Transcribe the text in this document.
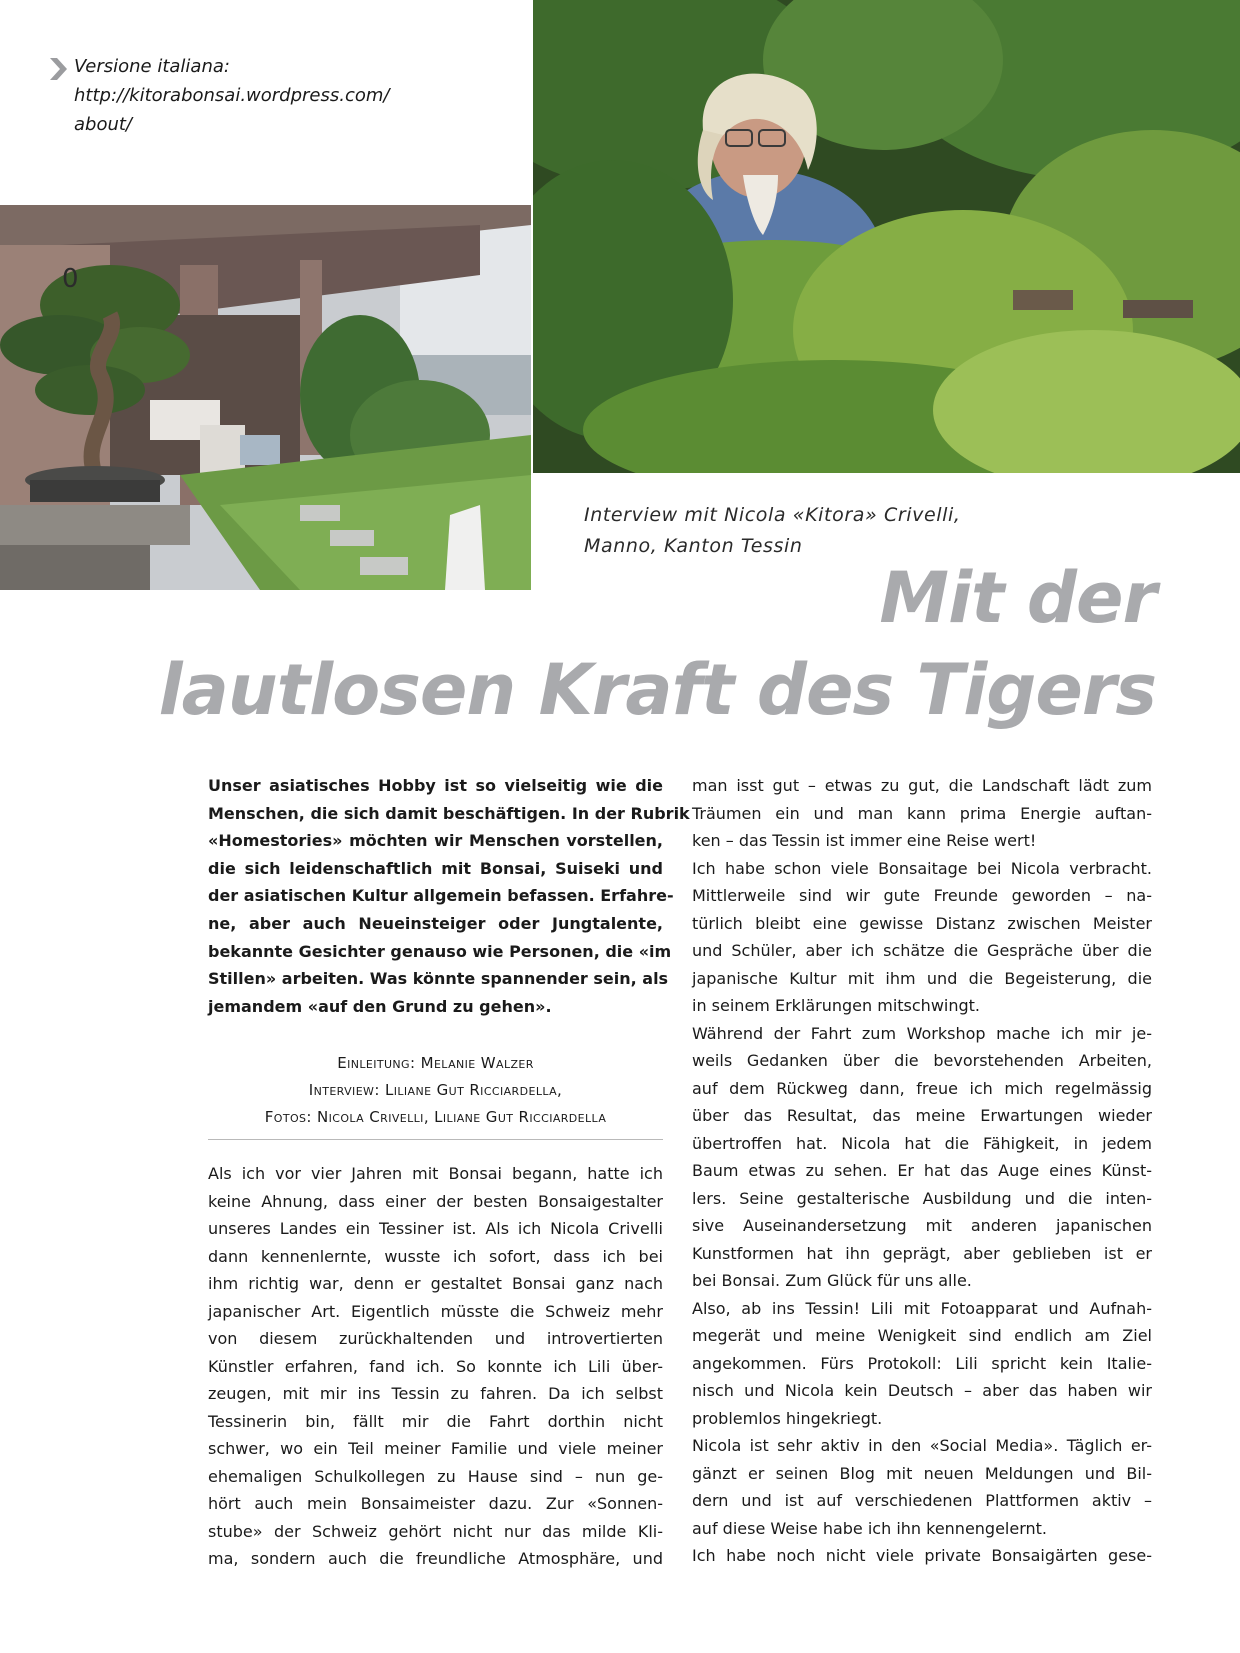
Versione italiana:
http://kitorabonsai.wordpress.com/
about/
0
Interview mit Nicola «Kitora» Crivelli,
Manno, Kanton Tessin
Mit der
lautlosen Kraft des Tigers
Unser asiatisches Hobby ist so vielseitig wie die
Menschen, die sich damit beschäftigen. In der Rubrik
«Homestories» möchten wir Menschen vorstellen,
die sich leidenschaftlich mit Bonsai, Suiseki und
der asiatischen Kultur allgemein befassen. Erfahre-
ne, aber auch Neueinsteiger oder Jungtalente,
bekannte Gesichter genauso wie Personen, die «im
Stillen» arbeiten. Was könnte spannender sein, als
jemandem «auf den Grund zu gehen».
Einleitung: Melanie Walzer
Interview: Liliane Gut Ricciardella,
Fotos: Nicola Crivelli, Liliane Gut Ricciardella
Als ich vor vier Jahren mit Bonsai begann, hatte ich
keine Ahnung, dass einer der besten Bonsaigestalter
unseres Landes ein Tessiner ist. Als ich Nicola Crivelli
dann kennenlernte, wusste ich sofort, dass ich bei
ihm richtig war, denn er gestaltet Bonsai ganz nach
japanischer Art. Eigentlich müsste die Schweiz mehr
von diesem zurückhaltenden und introvertierten
Künstler erfahren, fand ich. So konnte ich Lili über-
zeugen, mit mir ins Tessin zu fahren. Da ich selbst
Tessinerin bin, fällt mir die Fahrt dorthin nicht
schwer, wo ein Teil meiner Familie und viele meiner
ehemaligen Schulkollegen zu Hause sind – nun ge-
hört auch mein Bonsaimeister dazu. Zur «Sonnen-
stube» der Schweiz gehört nicht nur das milde Kli-
ma, sondern auch die freundliche Atmosphäre, und
man isst gut – etwas zu gut, die Landschaft lädt zum
Träumen ein und man kann prima Energie auftan-
ken – das Tessin ist immer eine Reise wert!
Ich habe schon viele Bonsaitage bei Nicola verbracht.
Mittlerweile sind wir gute Freunde geworden – na-
türlich bleibt eine gewisse Distanz zwischen Meister
und Schüler, aber ich schätze die Gespräche über die
japanische Kultur mit ihm und die Begeisterung, die
in seinem Erklärungen mitschwingt.
Während der Fahrt zum Workshop mache ich mir je-
weils Gedanken über die bevorstehenden Arbeiten,
auf dem Rückweg dann, freue ich mich regelmässig
über das Resultat, das meine Erwartungen wieder
übertroffen hat. Nicola hat die Fähigkeit, in jedem
Baum etwas zu sehen. Er hat das Auge eines Künst-
lers. Seine gestalterische Ausbildung und die inten-
sive Auseinandersetzung mit anderen japanischen
Kunstformen hat ihn geprägt, aber geblieben ist er
bei Bonsai. Zum Glück für uns alle.
Also, ab ins Tessin! Lili mit Fotoapparat und Aufnah-
megerät und meine Wenigkeit sind endlich am Ziel
angekommen. Fürs Protokoll: Lili spricht kein Italie-
nisch und Nicola kein Deutsch – aber das haben wir
problemlos hingekriegt.
Nicola ist sehr aktiv in den «Social Media». Täglich er-
gänzt er seinen Blog mit neuen Meldungen und Bil-
dern und ist auf verschiedenen Plattformen aktiv –
auf diese Weise habe ich ihn kennengelernt.
Ich habe noch nicht viele private Bonsaigärten gese-
